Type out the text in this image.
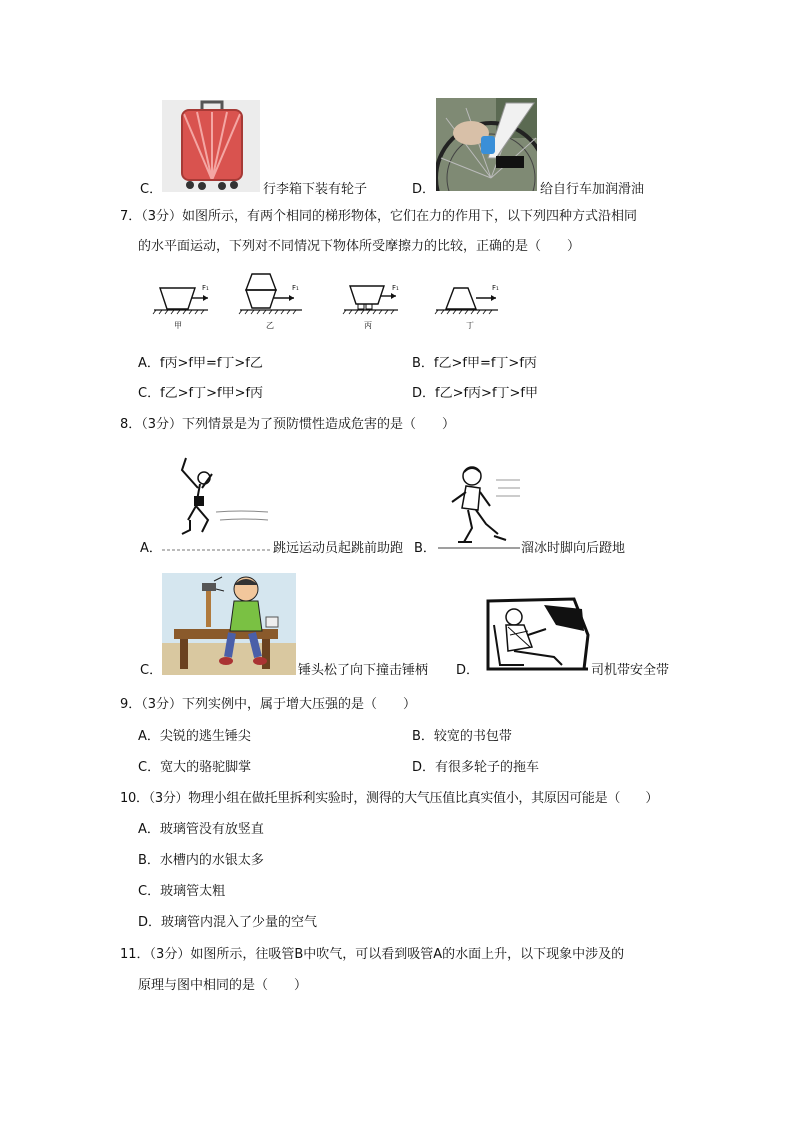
C．	行李箱下装有轮子	D．	给自行车加润滑油
7．（3分）如图所示，有两个相同的梯形物体，它们在力的作用下，以下列四种方式沿相同
的水平面运动，下列对不同情况下物体所受摩擦力的比较，正确的是（　　）
F₁
甲
F₁
乙
F₁
丙
F₁
丁
A．f丙>f甲=f丁>f乙	B．f乙>f甲=f丁>f丙
C．f乙>f丁>f甲>f丙	D．f乙>f丙>f丁>f甲
8．（3分）下列情景是为了预防惯性造成危害的是（　　）
A．	跳远运动员起跳前助跑 B．	溜冰时脚向后蹬地
C．	锤头松了向下撞击锤柄 D．	司机带安全带
9．（3分）下列实例中，属于增大压强的是（　　）
A．尖锐的逃生锤尖	B．较宽的书包带
C．宽大的骆驼脚掌	D．有很多轮子的拖车
10．（3分）物理小组在做托里拆利实验时，测得的大气压值比真实值小，其原因可能是（　　）
A．玻璃管没有放竖直
B．水槽内的水银太多
C．玻璃管太粗
D．玻璃管内混入了少量的空气
11．（3分）如图所示，往吸管B中吹气，可以看到吸管A的水面上升，以下现象中涉及的
原理与图中相同的是（　　）
